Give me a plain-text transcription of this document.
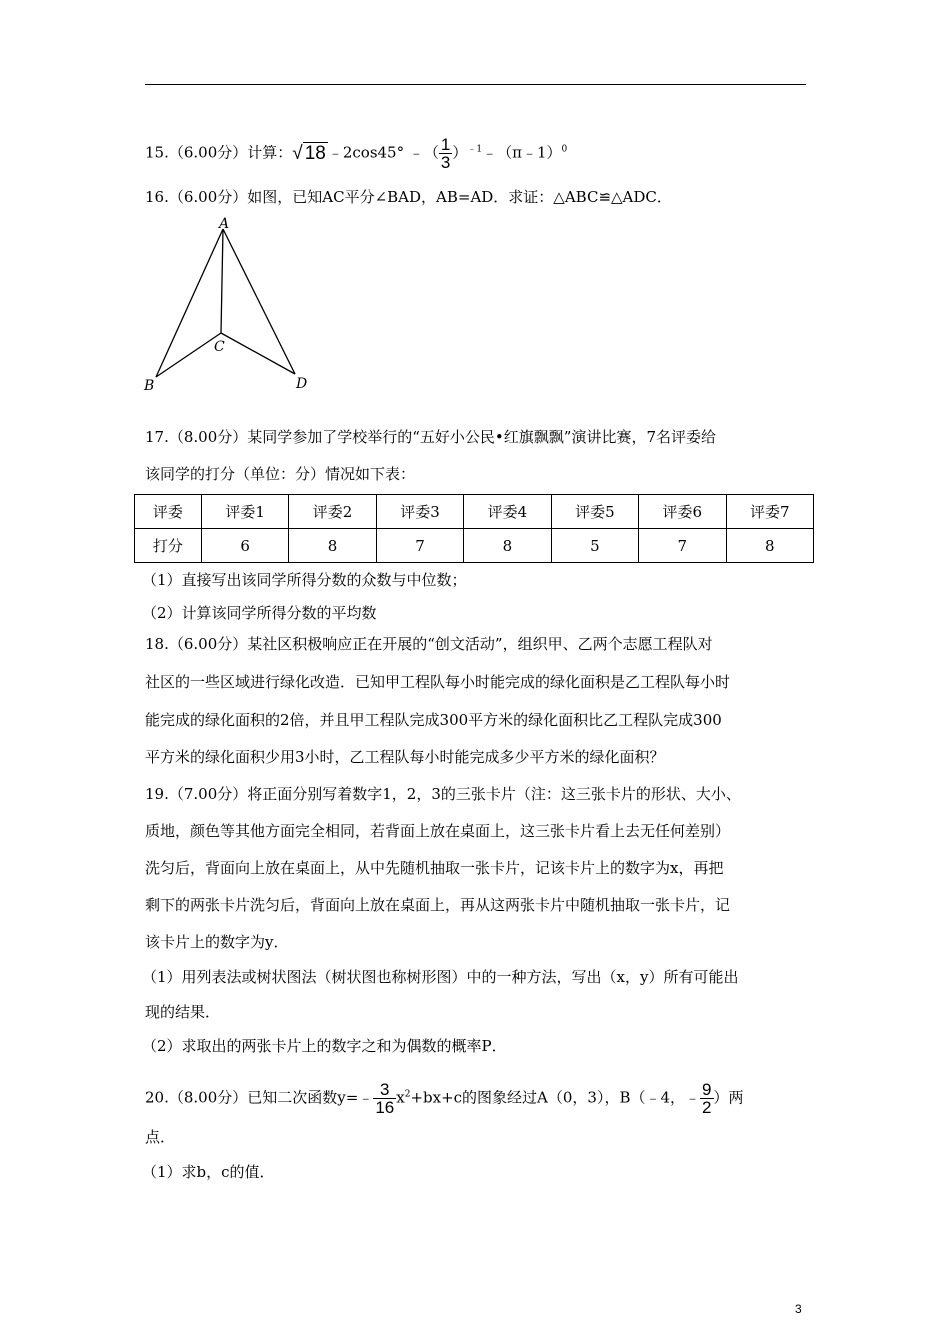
15.（6.00分）计算：√ 18 ﹣2cos45° ﹣（ $\frac{1}{3}$ ）$^{﹣1}$﹣（π﹣1）$^0$
16.（6.00分）如图，已知AC平分∠BAD，AB=AD．求证：△ABC≌△ADC．
A
B
C
D
17.（8.00分）某同学参加了学校举行的“五好小公民•红旗飘飘”演讲比赛，7名评委给
该同学的打分（单位：分）情况如下表：
评委	评委1	评委2	评委3	评委4	评委5	评委6	评委7
打分	6	8	7	8	5	7	8
（1）直接写出该同学所得分数的众数与中位数；
（2）计算该同学所得分数的平均数
18.（6.00分）某社区积极响应正在开展的“创文活动”，组织甲、乙两个志愿工程队对
社区的一些区域进行绿化改造．已知甲工程队每小时能完成的绿化面积是乙工程队每小时
能完成的绿化面积的2倍，并且甲工程队完成300平方米的绿化面积比乙工程队完成300
平方米的绿化面积少用3小时，乙工程队每小时能完成多少平方米的绿化面积？
19.（7.00分）将正面分别写着数字1，2，3的三张卡片（注：这三张卡片的形状、大小、
质地，颜色等其他方面完全相同，若背面上放在桌面上，这三张卡片看上去无任何差别）
洗匀后，背面向上放在桌面上，从中先随机抽取一张卡片，记该卡片上的数字为x，再把
剩下的两张卡片洗匀后，背面向上放在桌面上，再从这两张卡片中随机抽取一张卡片，记
该卡片上的数字为y．
（1）用列表法或树状图法（树状图也称树形图）中的一种方法，写出（x，y）所有可能出
现的结果．
（2）求取出的两张卡片上的数字之和为偶数的概率P．
20.（8.00分）已知二次函数y=﹣ $\frac{3}{16} x^2+bx+c$的图象经过A（0，3），B（﹣4，﹣ $\frac{9}{2}$ ）两
点．
（1）求b，c的值．
3
